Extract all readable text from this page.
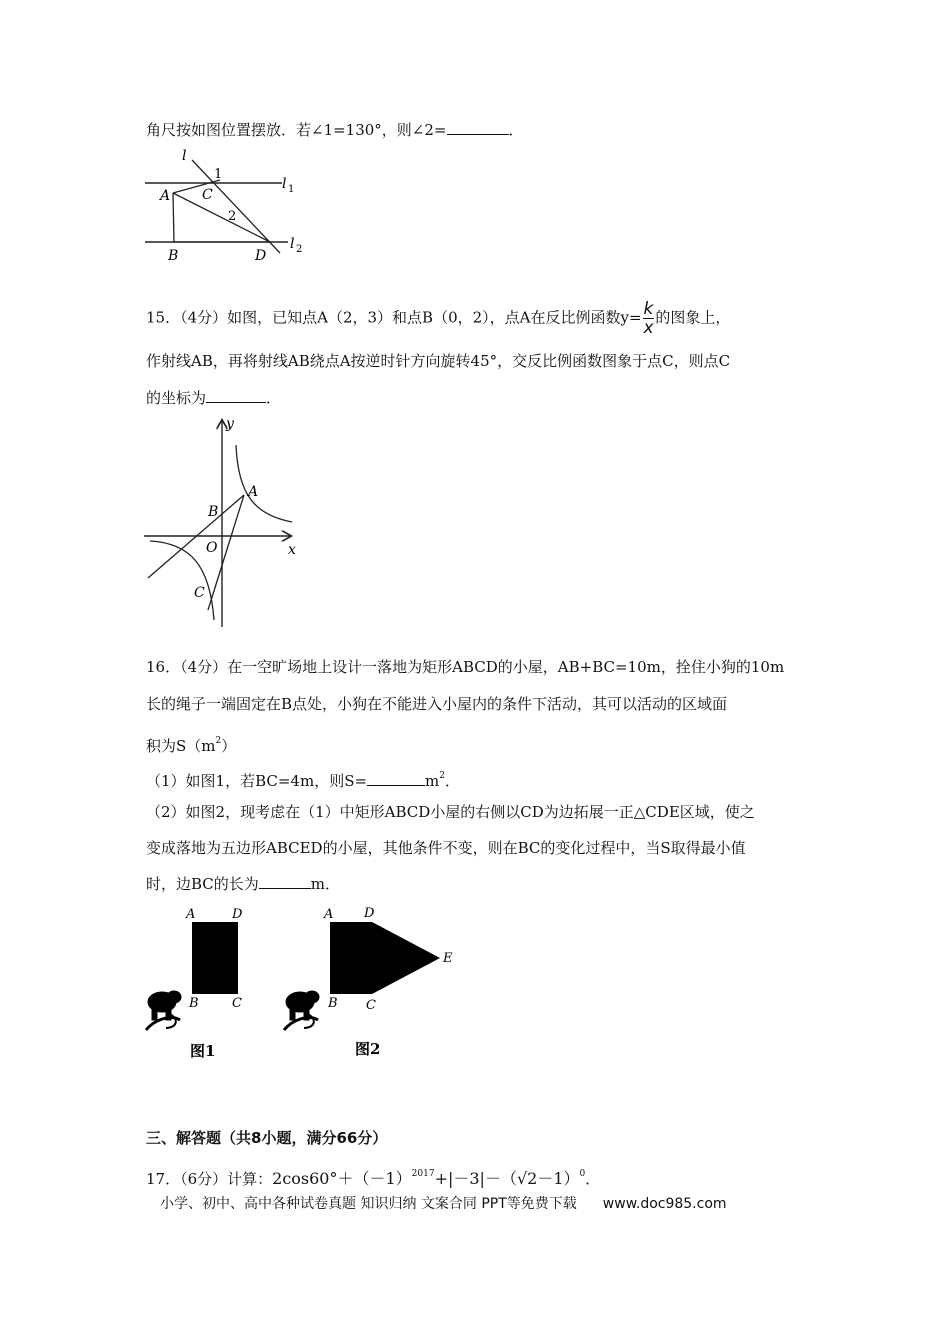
角尺按如图位置摆放．若∠1=130°，则∠2=	．
l
1
C
l 1
A
2
B	D
l 2
15．（4分）如图，已知点A（2，3）和点B（0，2），点A在反比例函数$y= \frac{k}{x}$ 的图象上，
作射线AB，再将射线AB绕点A按逆时针方向旋转45°，交反比例函数图象于点C，则点C
的坐标为	．
y
x
A
B
O
C
16．（4分）在一空旷场地上设计一落地为矩形ABCD的小屋，AB+BC=10m，拴住小狗的10m
长的绳子一端固定在B点处，小狗在不能进入小屋内的条件下活动，其可以活动的区域面
积为$S(m^2)$
（1）如图1，若BC=4m，则S=	$m^2$．
（2）如图2，现考虑在（1）中矩形ABCD小屋的右侧以CD为边拓展一正△CDE区域，使之
变成落地为五边形ABCED的小屋，其他条件不变，则在BC的变化过程中，当S取得最小值
时，边BC的长为	m．
A	D
B	C
图1
A D
E
B C
图2
三、解答题（共8小题，满分66分）
17．（6分）计算：$2\cos 60^\circ+(-1)^{2017}+|-3|-(√2-1)^0$．
小学、初中、高中各种试卷真题 知识归纳 文案合同 PPT等免费下载 www.doc985.com
